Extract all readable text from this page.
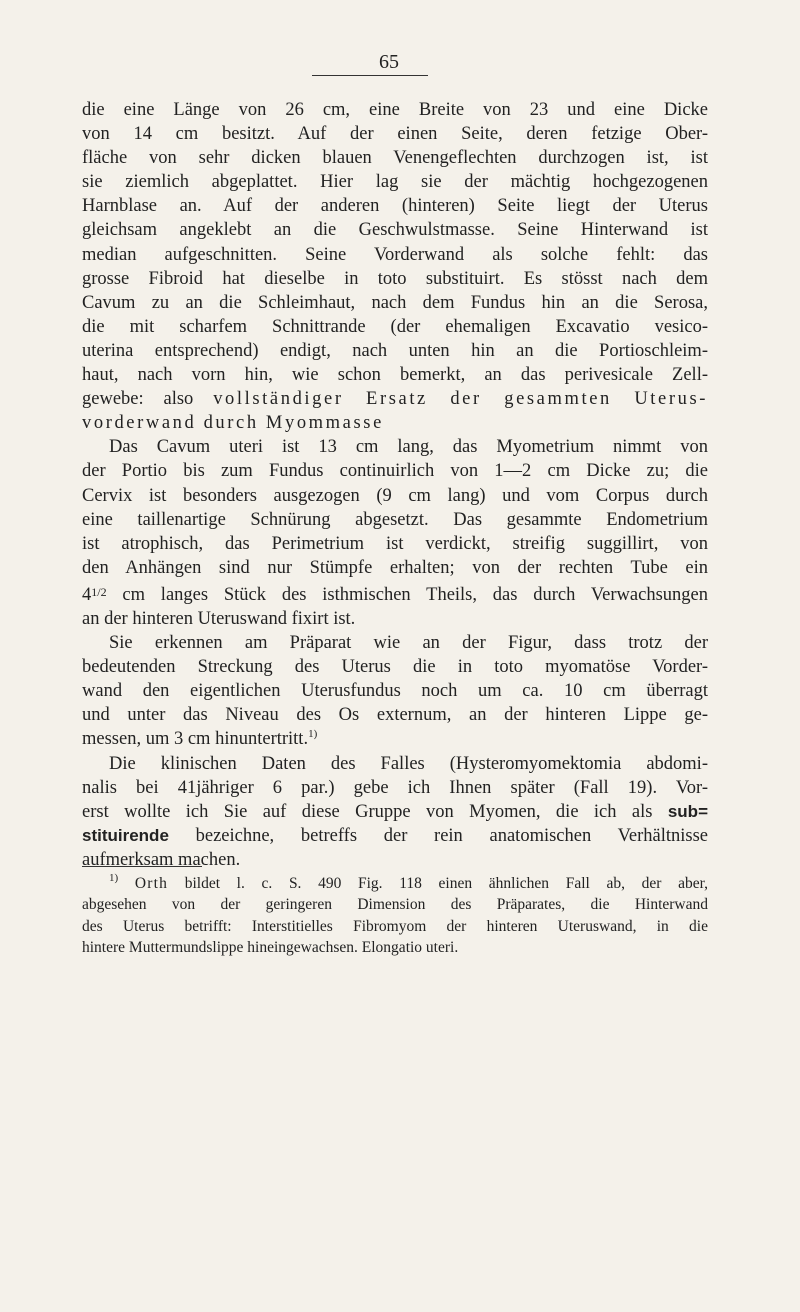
65
die eine Länge von 26 cm, eine Breite von 23 und eine Dicke
von 14 cm besitzt. Auf der einen Seite, deren fetzige Ober-
fläche von sehr dicken blauen Venengeflechten durchzogen ist, ist
sie ziemlich abgeplattet. Hier lag sie der mächtig hochgezogenen
Harnblase an. Auf der anderen (hinteren) Seite liegt der Uterus
gleichsam angeklebt an die Geschwulstmasse. Seine Hinterwand ist
median aufgeschnitten. Seine Vorderwand als solche fehlt: das
grosse Fibroid hat dieselbe in toto substituirt. Es stösst nach dem
Cavum zu an die Schleimhaut, nach dem Fundus hin an die Serosa,
die mit scharfem Schnittrande (der ehemaligen Excavatio vesico-
uterina entsprechend) endigt, nach unten hin an die Portioschleim-
haut, nach vorn hin, wie schon bemerkt, an das perivesicale Zell-
gewebe: also vollständiger Ersatz der gesammten Uterus-
vorderwand durch Myommasse
Das Cavum uteri ist 13 cm lang, das Myometrium nimmt von
der Portio bis zum Fundus continuirlich von 1—2 cm Dicke zu; die
Cervix ist besonders ausgezogen (9 cm lang) und vom Corpus durch
eine taillenartige Schnürung abgesetzt. Das gesammte Endometrium
ist atrophisch, das Perimetrium ist verdickt, streifig suggillirt, von
den Anhängen sind nur Stümpfe erhalten; von der rechten Tube ein
$4^{1/2}$ cm langes Stück des isthmischen Theils, das durch Verwachsungen
an der hinteren Uteruswand fixirt ist.
Sie erkennen am Präparat wie an der Figur, dass trotz der
bedeutenden Streckung des Uterus die in toto myomatöse Vorder-
wand den eigentlichen Uterusfundus noch um ca. 10 cm überragt
und unter das Niveau des Os externum, an der hinteren Lippe ge-
messen, um 3 cm hinuntertritt.$^{1)}$
Die klinischen Daten des Falles (Hysteromyomektomia abdomi-
nalis bei 41jähriger 6 par.) gebe ich Ihnen später (Fall 19). Vor-
erst wollte ich Sie auf diese Gruppe von Myomen, die ich als sub=
stituirende bezeichne, betreffs der rein anatomischen Verhältnisse
aufmerksam machen.
$^{1)}$ Orth bildet l. c. S. 490 Fig. 118 einen ähnlichen Fall ab, der aber,
abgesehen von der geringeren Dimension des Präparates, die Hinterwand
des Uterus betrifft: Interstitielles Fibromyom der hinteren Uteruswand, in die
hintere Muttermundslippe hineingewachsen. Elongatio uteri.
